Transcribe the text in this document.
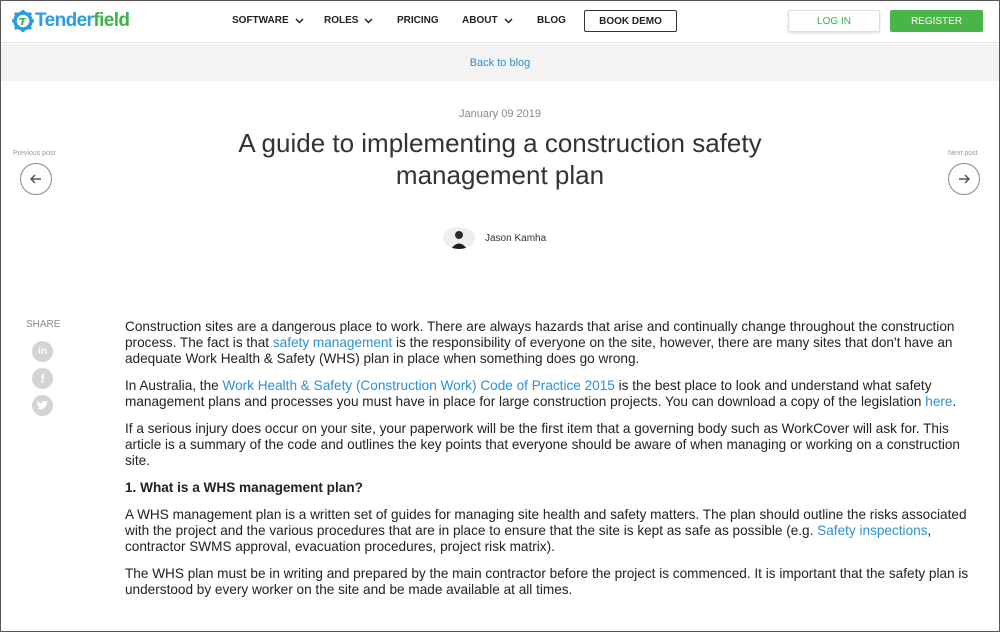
Tenderfield	SOFTWARE	ROLES	PRICING ABOUT	BLOG	BOOK DEMO	LOG IN	REGISTER
Back to blog
January 09 2019
A guide to implementing a construction safety management plan
Previous post	Next post
Jason Kamha
SHARE
in
f

Construction sites are a dangerous place to work. There are always hazards that arise and continually change throughout the construction process. The fact is that safety management is the responsibility of everyone on the site, however, there are many sites that don't have an adequate Work Health & Safety (WHS) plan in place when something does go wrong.

In Australia, the Work Health & Safety (Construction Work) Code of Practice 2015 is the best place to look and understand what safety management plans and processes you must have in place for large construction projects. You can download a copy of the legislation here.

If a serious injury does occur on your site, your paperwork will be the first item that a governing body such as WorkCover will ask for. This article is a summary of the code and outlines the key points that everyone should be aware of when managing or working on a construction site.

1. What is a WHS management plan?

A WHS management plan is a written set of guides for managing site health and safety matters. The plan should outline the risks associated with the project and the various procedures that are in place to ensure that the site is kept as safe as possible (e.g. Safety inspections, contractor SWMS approval, evacuation procedures, project risk matrix).

The WHS plan must be in writing and prepared by the main contractor before the project is commenced. It is important that the safety plan is understood by every worker on the site and be made available at all times.
